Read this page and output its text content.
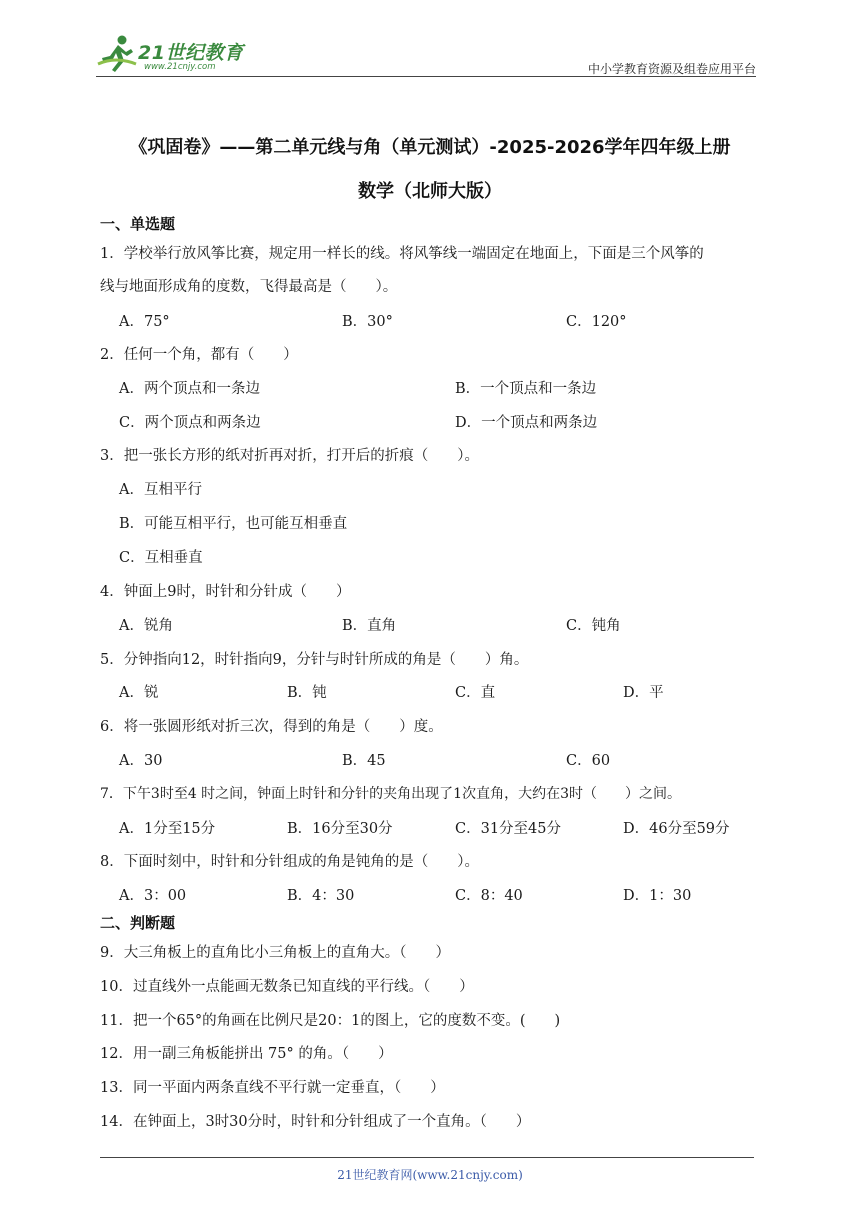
21世纪教育
www.21cnjy.com	中小学教育资源及组卷应用平台
《巩固卷》——第二单元线与角（单元测试）-2025-2026学年四年级上册
数学（北师大版）
一、单选题
1．学校举行放风筝比赛，规定用一样长的线。将风筝线一端固定在地面上，下面是三个风筝的
线与地面形成角的度数，飞得最高是（　　）。
A．75°	B．30°	C．120°
2．任何一个角，都有（　　）
A．两个顶点和一条边	B．一个顶点和一条边
C．两个顶点和两条边	D．一个顶点和两条边
3．把一张长方形的纸对折再对折，打开后的折痕（　　）。
A．互相平行
B．可能互相平行，也可能互相垂直
C．互相垂直
4．钟面上9时，时针和分针成（　　）
A．锐角	B．直角	C．钝角
5．分钟指向12，时针指向9，分针与时针所成的角是（　　）角。
A．锐	B．钝	C．直	D．平
6．将一张圆形纸对折三次，得到的角是（　　）度。
A．30	B．45	C．60
7．下午3时至4 时之间，钟面上时针和分针的夹角出现了1次直角，大约在3时（　　）之间。
A．1分至15分	B．16分至30分	C．31分至45分	D．46分至59分
8．下面时刻中，时针和分针组成的角是钝角的是（　　）。
A．3：00	B．4：30	C．8：40	D．1：30
二、判断题
9．大三角板上的直角比小三角板上的直角大。（　　）
10．过直线外一点能画无数条已知直线的平行线。（　　）
11．把一个65°的角画在比例尺是20：1的图上，它的度数不变。(　　)
12．用一副三角板能拼出 75° 的角。（　　）
13．同一平面内两条直线不平行就一定垂直，（　　）
14．在钟面上，3时30分时，时针和分针组成了一个直角。（　　）
21世纪教育网(www.21cnjy.com)
